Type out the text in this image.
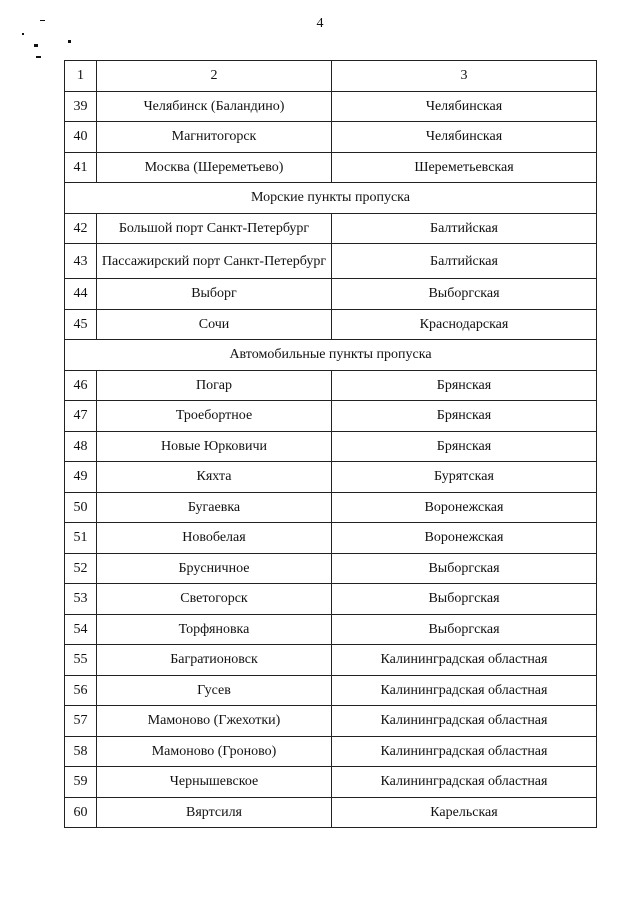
4
1	2	3
39	Челябинск (Баландино)	Челябинская
40	Магнитогорск	Челябинская
41	Москва (Шереметьево)	Шереметьевская
Морские пункты пропуска		
42	Большой порт Санкт-Петербург	Балтийская
43	Пассажирский порт Санкт-Петербург	Балтийская
44	Выборг	Выборгская
45	Сочи	Краснодарская
Автомобильные пункты пропуска		
46	Погар	Брянская
47	Троебортное	Брянская
48	Новые Юрковичи	Брянская
49	Кяхта	Бурятская
50	Бугаевка	Воронежская
51	Новобелая	Воронежская
52	Брусничное	Выборгская
53	Светогорск	Выборгская
54	Торфяновка	Выборгская
55	Багратионовск	Калининградская областная
56	Гусев	Калининградская областная
57	Мамоново (Гжехотки)	Калининградская областная
58	Мамоново (Гроново)	Калининградская областная
59	Чернышевское	Калининградская областная
60	Вяртсиля	Карельская
